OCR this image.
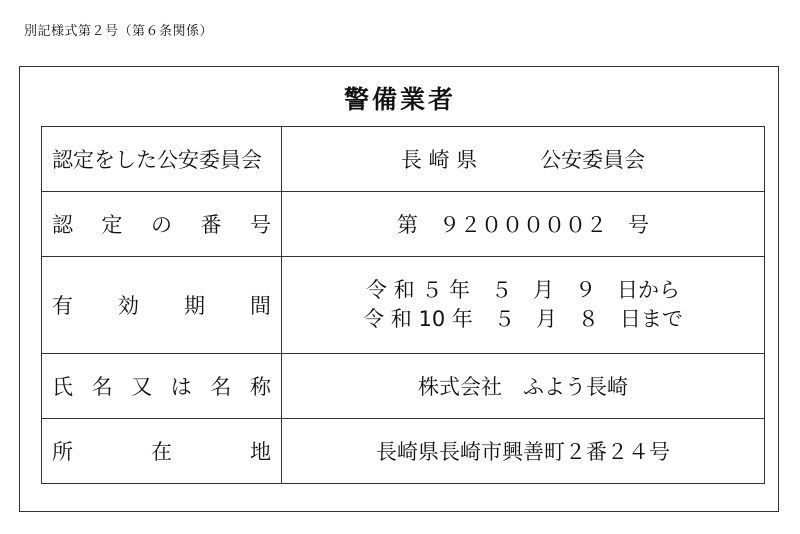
別記様式第２号（第６条関係）
警備業者
認定をした公安委員会	長 崎 県　　　公安委員会
認 定 の 番 号	第　９２０００００２　号
有 効 期 間	令 和 ５ 年　５　月　９　日から
令 和 10 年　５　月　８　日まで

氏 名 又 は 名 称	株式会社　ふよう長崎
所 在 地	長崎県長崎市興善町２番２４号
